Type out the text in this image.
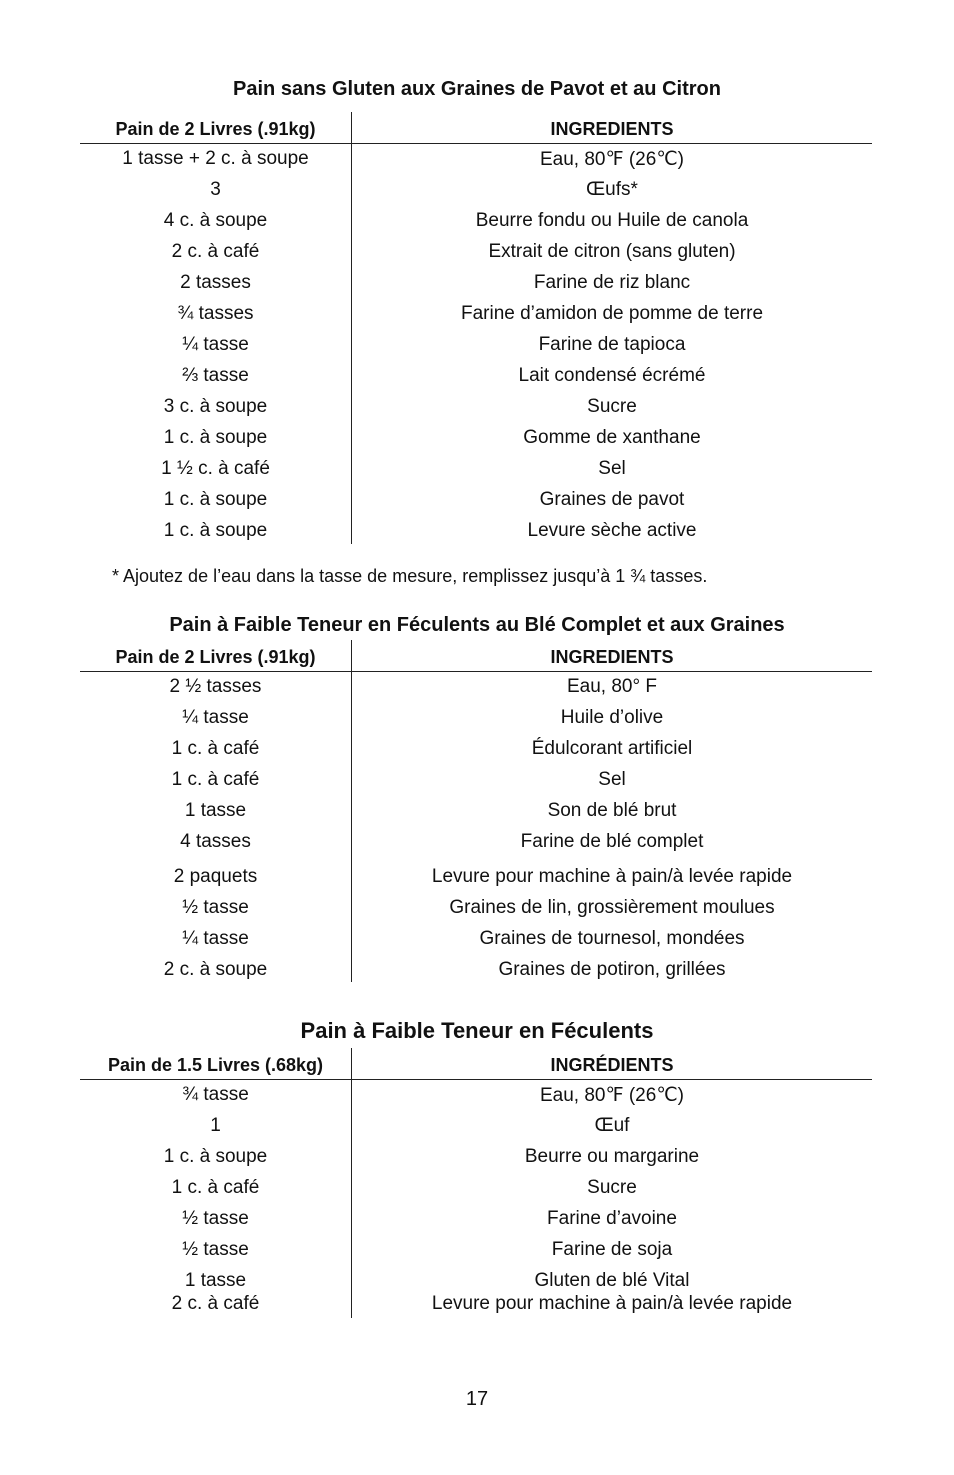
Pain sans Gluten aux Graines de Pavot et au Citron
Pain de 2 Livres (.91kg)	INGREDIENTS
1 tasse + 2 c. à soupe	Eau, 80℉ (26℃)
3	Œufs*
4 c. à soupe	Beurre fondu ou Huile de canola
2 c. à café	Extrait de citron (sans gluten)
2 tasses	Farine de riz blanc
¾ tasses	Farine d’amidon de pomme de terre
¼ tasse	Farine de tapioca
⅔ tasse	Lait condensé écrémé
3 c. à soupe	Sucre
1 c. à soupe	Gomme de xanthane
1 ½ c. à café	Sel
1 c. à soupe	Graines de pavot
1 c. à soupe	Levure sèche active
* Ajoutez de l’eau dans la tasse de mesure, remplissez jusqu’à 1 ¾ tasses.
Pain à Faible Teneur en Féculents au Blé Complet et aux Graines
Pain de 2 Livres (.91kg)	INGREDIENTS
2 ½ tasses	Eau, 80° F
¼ tasse	Huile d’olive
1 c. à café	Édulcorant artificiel
1 c. à café	Sel
1 tasse	Son de blé brut
4 tasses	Farine de blé complet
2 paquets	Levure pour machine à pain/à levée rapide
½ tasse	Graines de lin, grossièrement moulues
¼ tasse	Graines de tournesol, mondées
2 c. à soupe	Graines de potiron, grillées
Pain à Faible Teneur en Féculents
Pain de 1.5 Livres (.68kg)	INGRÉDIENTS
¾ tasse	Eau, 80℉ (26℃)
1	Œuf
1 c. à soupe	Beurre ou margarine
1 c. à café	Sucre
½ tasse	Farine d’avoine
½ tasse	Farine de soja
1 tasse	Gluten de blé Vital
2 c. à café	Levure pour machine à pain/à levée rapide
17
